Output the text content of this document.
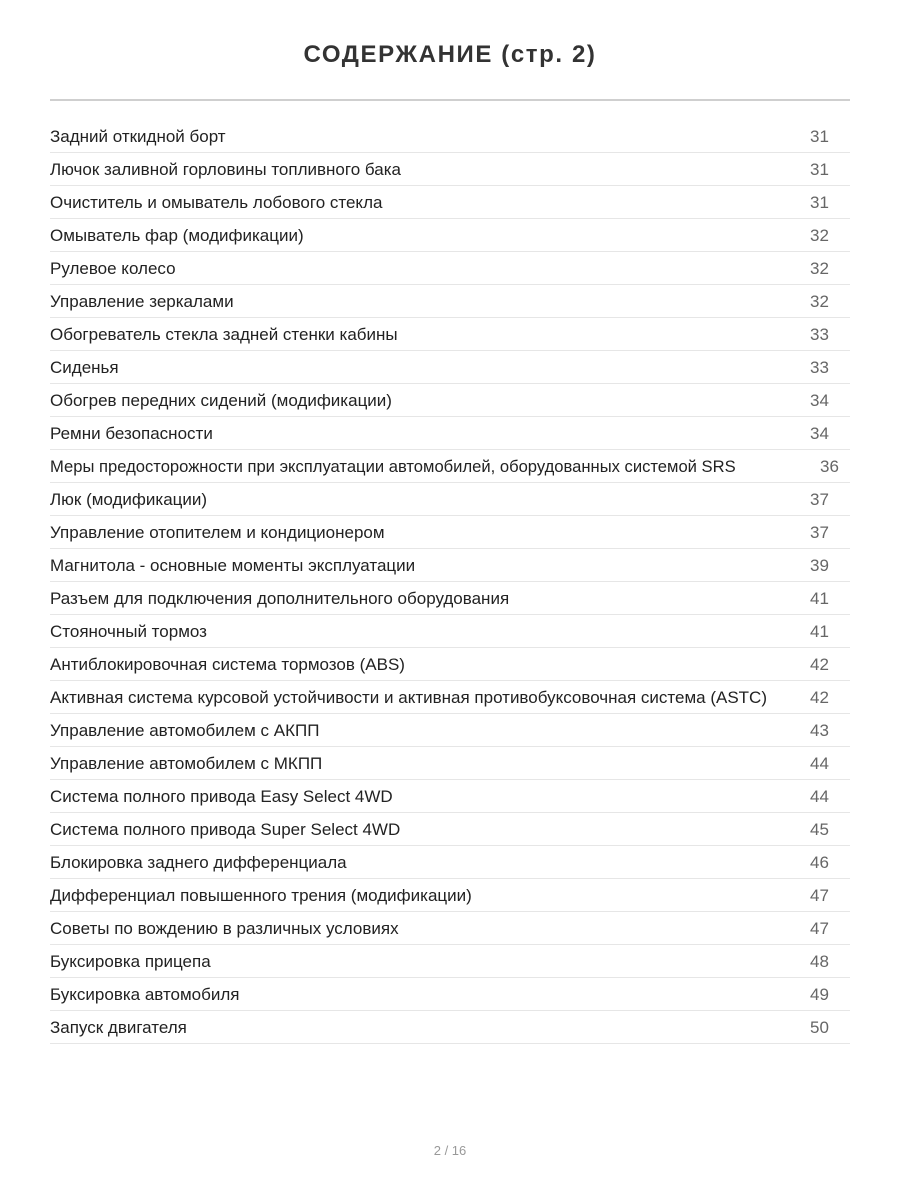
СОДЕРЖАНИЕ (стр. 2)
Задний откидной борт	31
Лючок заливной горловины топливного бака	31
Очиститель и омыватель лобового стекла	31
Омыватель фар (модификации)	32
Рулевое колесо	32
Управление зеркалами	32
Обогреватель стекла задней стенки кабины	33
Сиденья	33
Обогрев передних сидений (модификации)	34
Ремни безопасности	34
Меры предосторожности при эксплуатации автомобилей, оборудованных системой SRS	36
Люк (модификации)	37
Управление отопителем и кондиционером	37
Магнитола - основные моменты эксплуатации	39
Разъем для подключения дополнительного оборудования	41
Стояночный тормоз	41
Антиблокировочная система тормозов (ABS)	42
Активная система курсовой устойчивости и активная противобуксовочная система (ASTC)	42
Управление автомобилем с АКПП	43
Управление автомобилем с МКПП	44
Система полного привода Easy Select 4WD	44
Система полного привода Super Select 4WD	45
Блокировка заднего дифференциала	46
Дифференциал повышенного трения (модификации)	47
Советы по вождению в различных условиях	47
Буксировка прицепа	48
Буксировка автомобиля	49
Запуск двигателя	50
2 / 16
